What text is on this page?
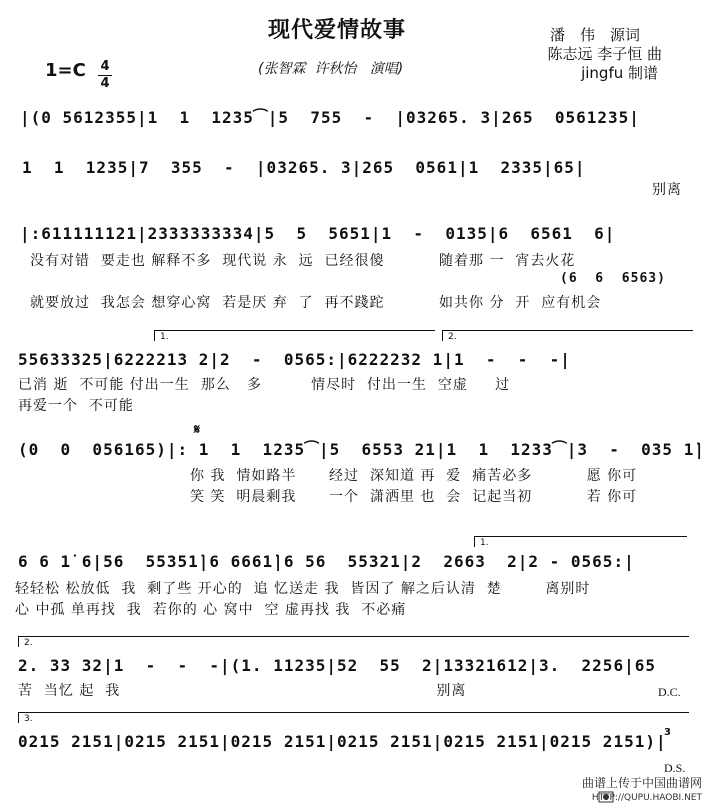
现代爱情故事	潘　伟　源词
陈志远 李子恒 曲
jingfu 制谱
1=C 4
4
(张智霖  许秋怡   演唱)
|(0 5612355|1  1  1235⁀|5  755  -  |03265. 3|265  0561235|
1  1  1235|7  355  -  |03265. 3|265  0561|1  2335|65|
别离
|:611111121|2333333334|5  5  5651|1  -  0135|6  6561  6|
没有对错  要走也 解释不多  现代说 永  远  已经很傻          随着那 一  宵去火花
(6  6  6563)
就要放过  我怎会 想穿心窝  若是厌 弃  了  再不踐跎          如共你 分  开  应有机会
1.	2.
55633325|6222213 2|2  -  0565:|6222232 1|1  -  -  -|
已消 逝  不可能 付出一生  那么   多         情尽时  付出一生  空虚     过
再爱一个  不可能
𝄋
(0  0  056165)|: 1  1  1235⁀|5  6553 21|1  1  1233⁀|3  -  035 1̇|
你 我  情如路半      经过  深知道 再  爱  痛苦必多          愿 你可
笑 笑  明晨剩我      一个  潇洒里 也  会  记起当初          若 你可
1.
6 6 1̇ 6|56  55351̇|6 6661̇|6 56  55321|2  2663  2|2 - 0565:|
轻轻松 松放低  我  剩了些 开心的  追 忆送走 我  皆因了 解之后认清  楚        离别时
心 中孤 单再找  我  若你的 心 窝中  空 虚再找 我  不必痛
2.
2. 33 32|1  -  -  -|(1. 11235|52  55  2|13321612|3.  2256|65
苦  当忆 起  我                                                          别离	D.C.
3.
0215 2151|0215 2151|0215 2151|0215 2151|0215 2151|0215 2151)|
3
D.S.
曲谱上传于中国曲谱网
HTTP://QUPU.HAOBI.NET
